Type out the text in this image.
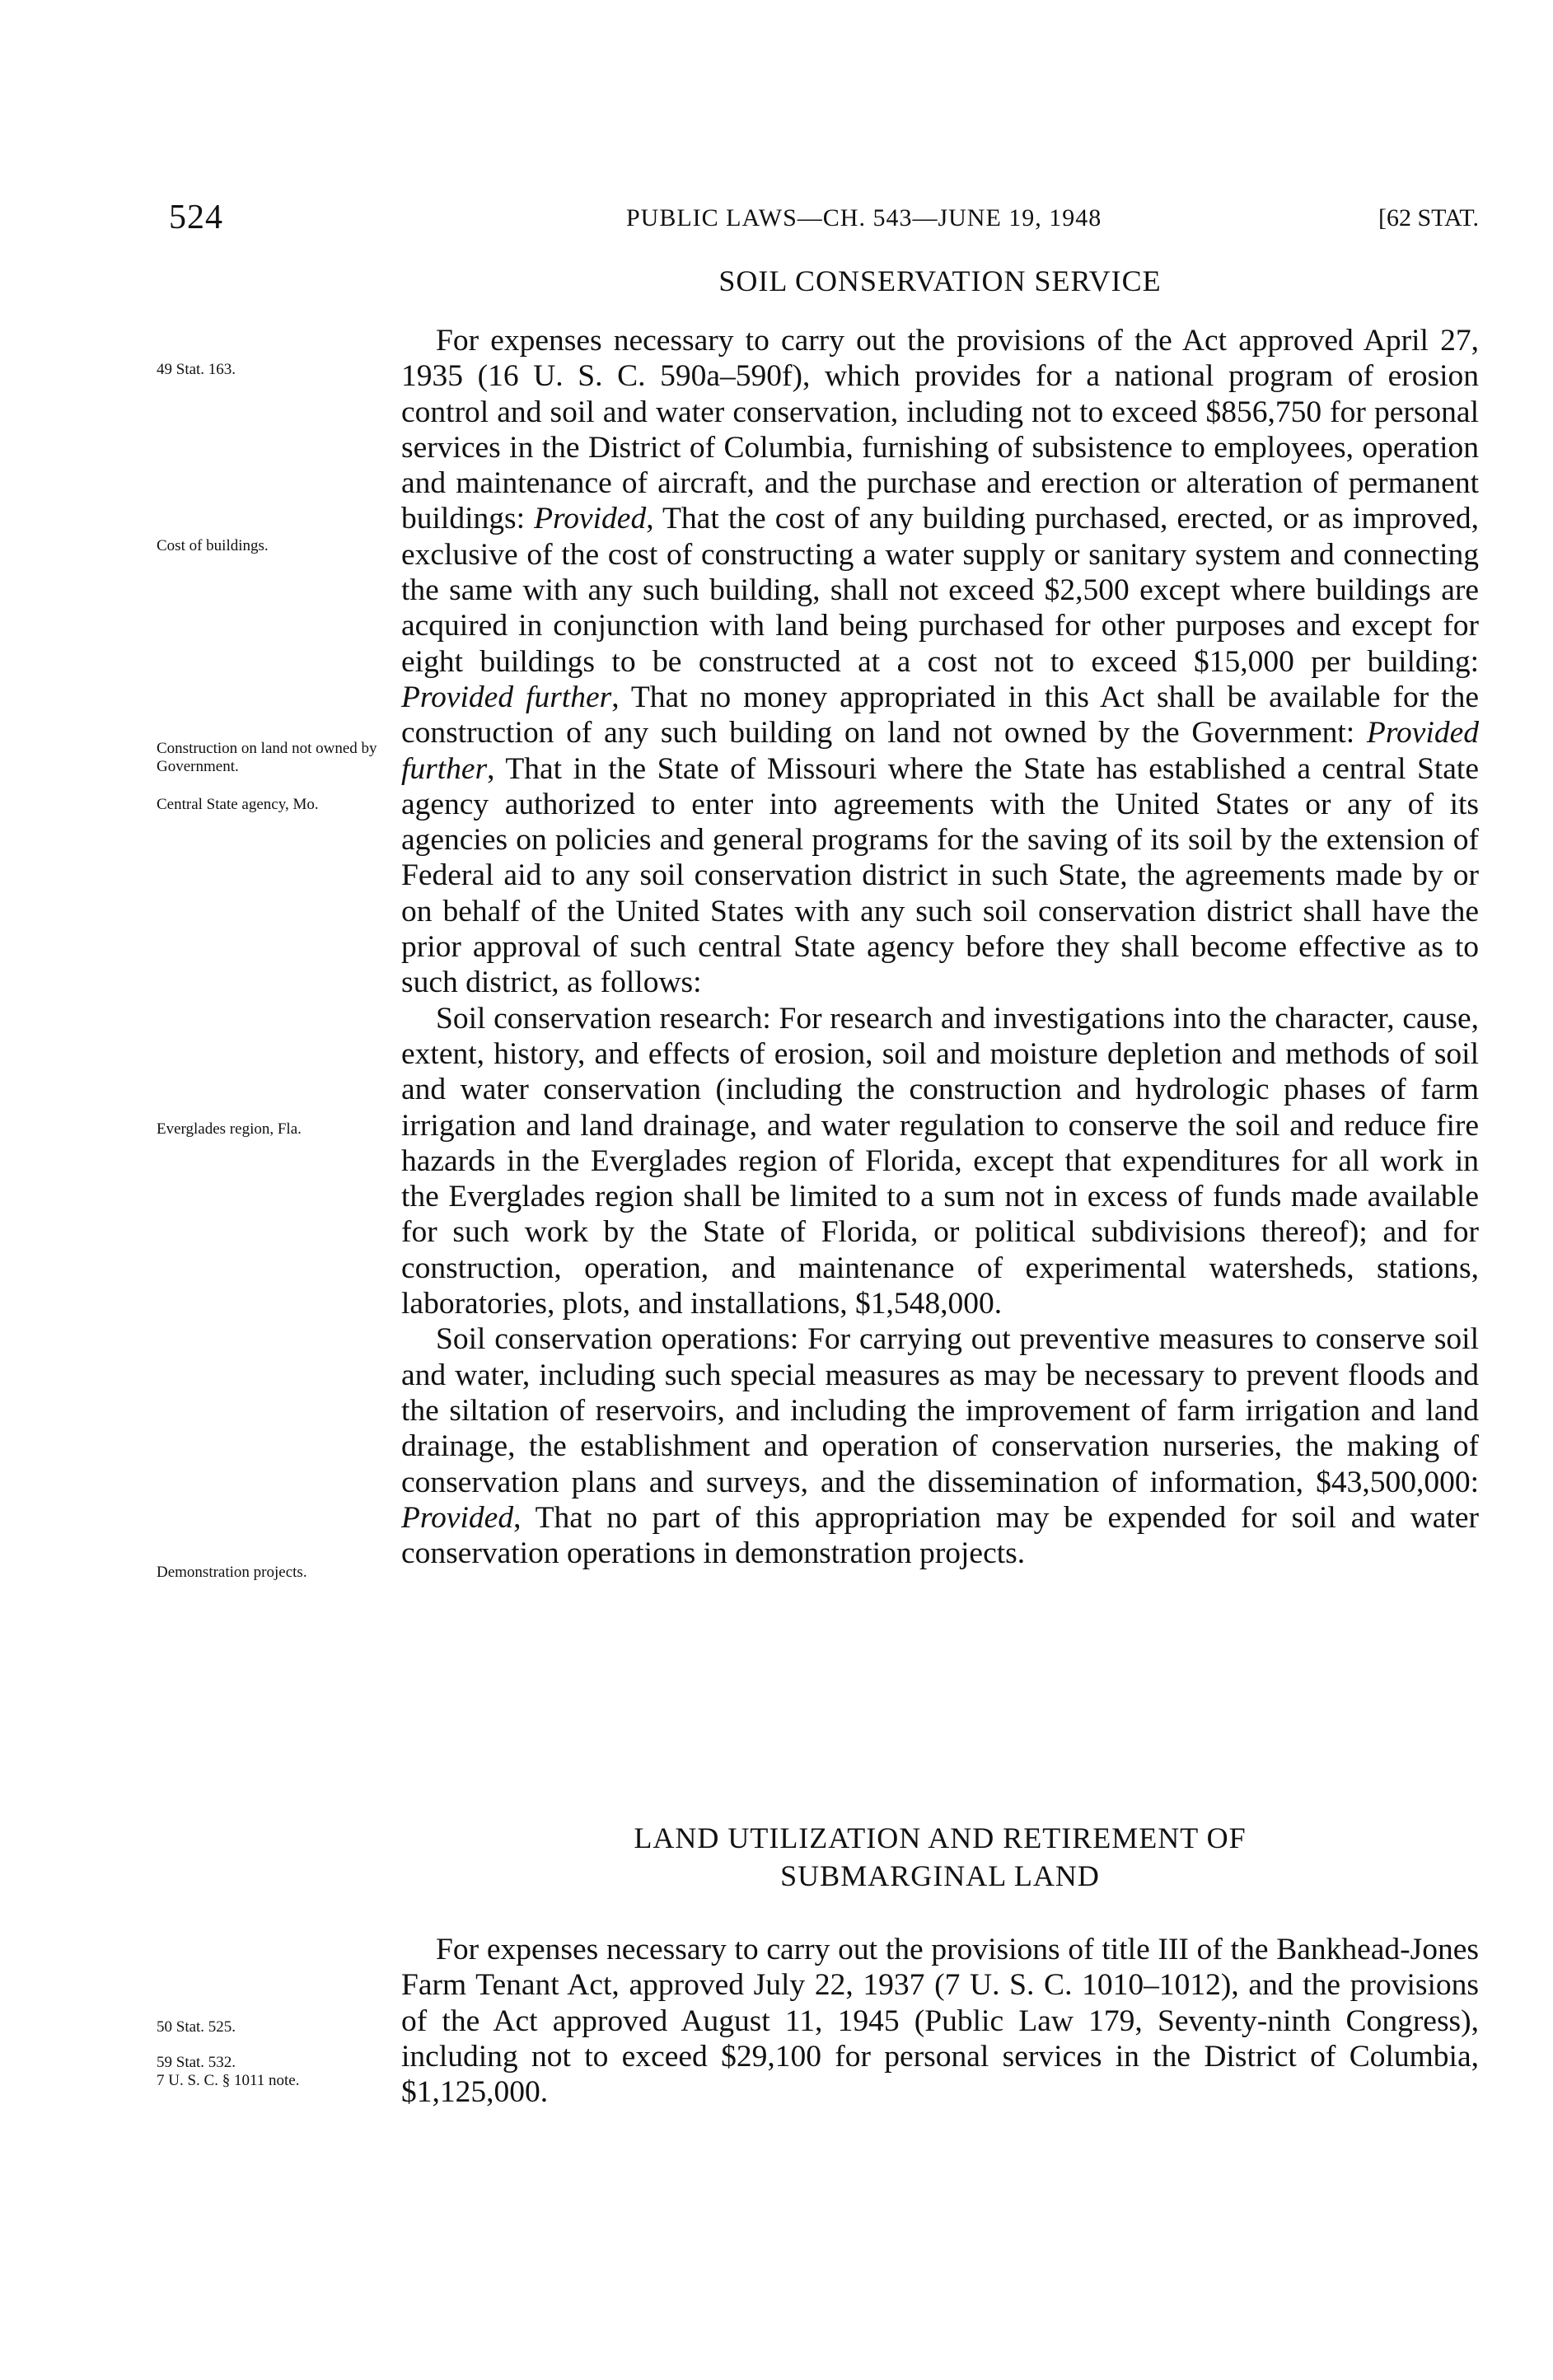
524	PUBLIC LAWS—CH. 543—JUNE 19, 1948	[62 STAT.
SOIL CONSERVATION SERVICE

For expenses necessary to carry out the provisions of the Act approved April 27, 1935 (16 U. S. C. 590a–590f), which provides for a national program of erosion control and soil and water conservation, including not to exceed $856,750 for personal services in the District of Columbia, furnishing of subsistence to employees, operation and maintenance of aircraft, and the purchase and erection or alteration of permanent buildings: Provided, That the cost of any building purchased, erected, or as improved, exclusive of the cost of constructing a water supply or sanitary system and connecting the same with any such building, shall not exceed $2,500 except where buildings are acquired in conjunction with land being purchased for other purposes and except for eight buildings to be constructed at a cost not to exceed $15,000 per building: Provided further, That no money appropriated in this Act shall be available for the construction of any such building on land not owned by the Government: Provided further, That in the State of Missouri where the State has established a central State agency authorized to enter into agreements with the United States or any of its agencies on policies and general programs for the saving of its soil by the extension of Federal aid to any soil conservation district in such State, the agreements made by or on behalf of the United States with any such soil conservation district shall have the prior approval of such central State agency before they shall become effective as to such district, as follows:

Soil conservation research: For research and investigations into the character, cause, extent, history, and effects of erosion, soil and moisture depletion and methods of soil and water conservation (including the construction and hydrologic phases of farm irrigation and land drainage, and water regulation to conserve the soil and reduce fire hazards in the Everglades region of Florida, except that expenditures for all work in the Everglades region shall be limited to a sum not in excess of funds made available for such work by the State of Florida, or political subdivisions thereof); and for construction, operation, and maintenance of experimental watersheds, stations, laboratories, plots, and installations, $1,548,000.

Soil conservation operations: For carrying out preventive measures to conserve soil and water, including such special measures as may be necessary to prevent floods and the siltation of reservoirs, and including the improvement of farm irrigation and land drainage, the establishment and operation of conservation nurseries, the making of conservation plans and surveys, and the dissemination of information, $43,500,000: Provided, That no part of this appropriation may be expended for soil and water conservation operations in demonstration projects.

LAND UTILIZATION AND RETIREMENT OF
SUBMARGINAL LAND

For expenses necessary to carry out the provisions of title III of the Bankhead-Jones Farm Tenant Act, approved July 22, 1937 (7 U. S. C. 1010–1012), and the provisions of the Act approved August 11, 1945 (Public Law 179, Seventy-ninth Congress), including not to exceed $29,100 for personal services in the District of Columbia, $1,125,000.

49 Stat. 163.
Cost of buildings.
Construction on land not owned by Government.
Central State agency, Mo.
Everglades region, Fla.
Demonstration projects.
50 Stat. 525.
59 Stat. 532.
7 U. S. C. § 1011 note.
